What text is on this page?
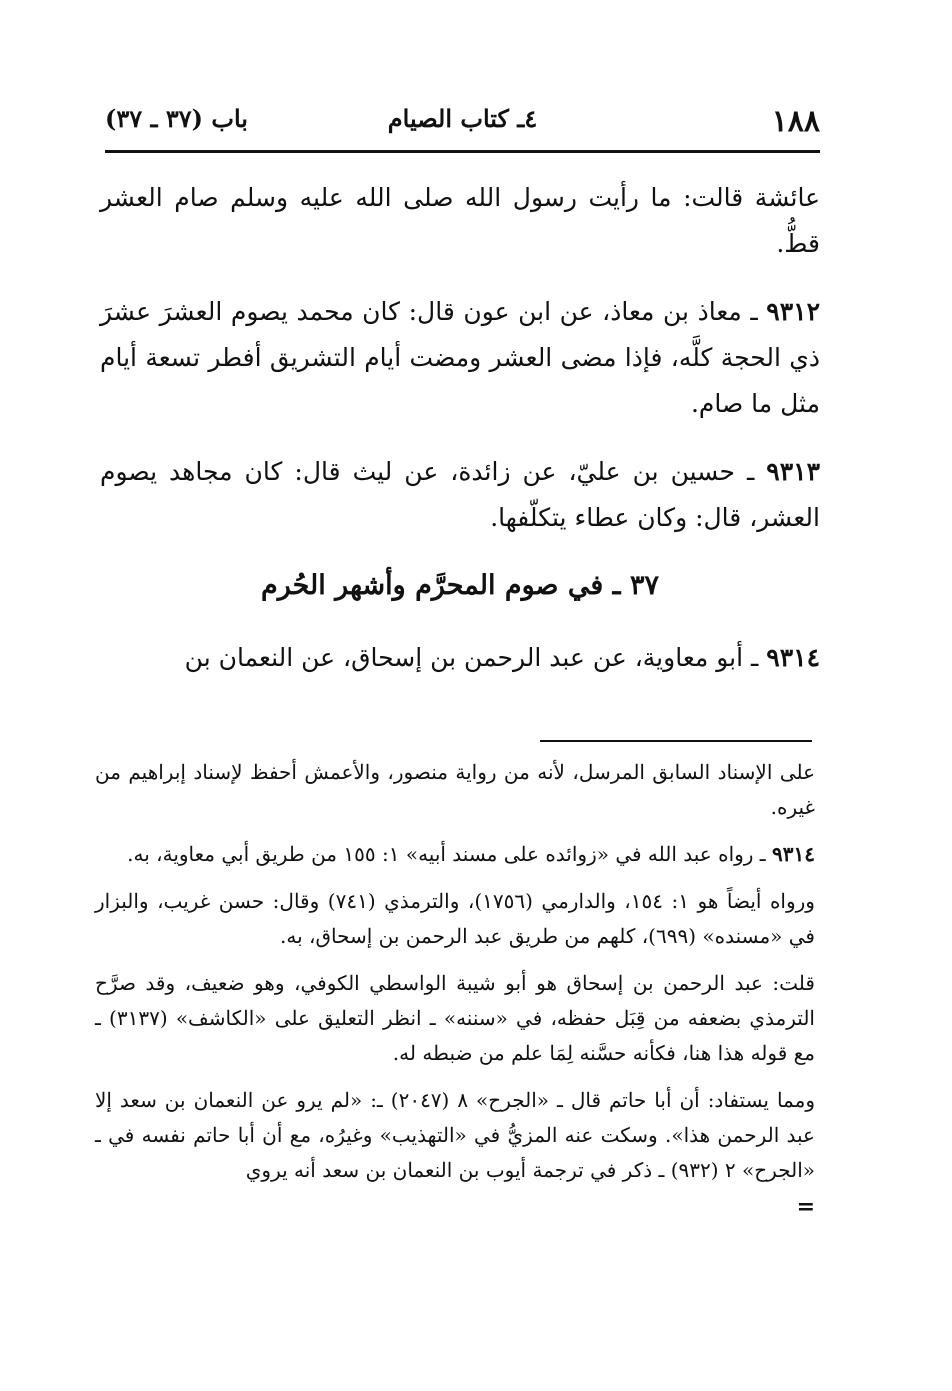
١٨٨
٤ـ كتاب الصيام
باب (٣٧ ـ ٣٧)

عائشة قالت: ما رأيت رسول الله صلى الله عليه وسلم صام العشر قطُّ.

٩٣١٢ ـ معاذ بن معاذ، عن ابن عون قال: كان محمد يصوم العشرَ عشرَ ذي الحجة كلَّه، فإذا مضى العشر ومضت أيام التشريق أفطر تسعة أيام مثل ما صام.

٩٣١٣ ـ حسين بن عليّ، عن زائدة، عن ليث قال: كان مجاهد يصوم العشر، قال: وكان عطاء يتكلّفها.

٣٧ ـ في صوم المحرَّم وأشهر الحُرم

٩٣١٤ ـ أبو معاوية، عن عبد الرحمن بن إسحاق، عن النعمان بن

على الإسناد السابق المرسل، لأنه من رواية منصور، والأعمش أحفظ لإسناد إبراهيم من غيره.

٩٣١٤ ـ رواه عبد الله في «زوائده على مسند أبيه» ١: ١٥٥ من طريق أبي معاوية، به.

ورواه أيضاً هو ١: ١٥٤، والدارمي (١٧٥٦)، والترمذي (٧٤١) وقال: حسن غريب، والبزار في «مسنده» (٦٩٩)، كلهم من طريق عبد الرحمن بن إسحاق، به.

قلت: عبد الرحمن بن إسحاق هو أبو شيبة الواسطي الكوفي، وهو ضعيف، وقد صرَّح الترمذي بضعفه من قِبَل حفظه، في «سننه» ـ انظر التعليق على «الكاشف» (٣١٣٧) ـ مع قوله هذا هنا، فكأنه حسَّنه لِمَا علم من ضبطه له.

ومما يستفاد: أن أبا حاتم قال ـ «الجرح» ٨ (٢٠٤٧) ـ: «لم يرو عن النعمان بن سعد إلا عبد الرحمن هذا». وسكت عنه المزيُّ في «التهذيب» وغيرُه، مع أن أبا حاتم نفسه في ـ «الجرح» ٢ (٩٣٢) ـ ذكر في ترجمة أيوب بن النعمان بن سعد أنه يروي

=
